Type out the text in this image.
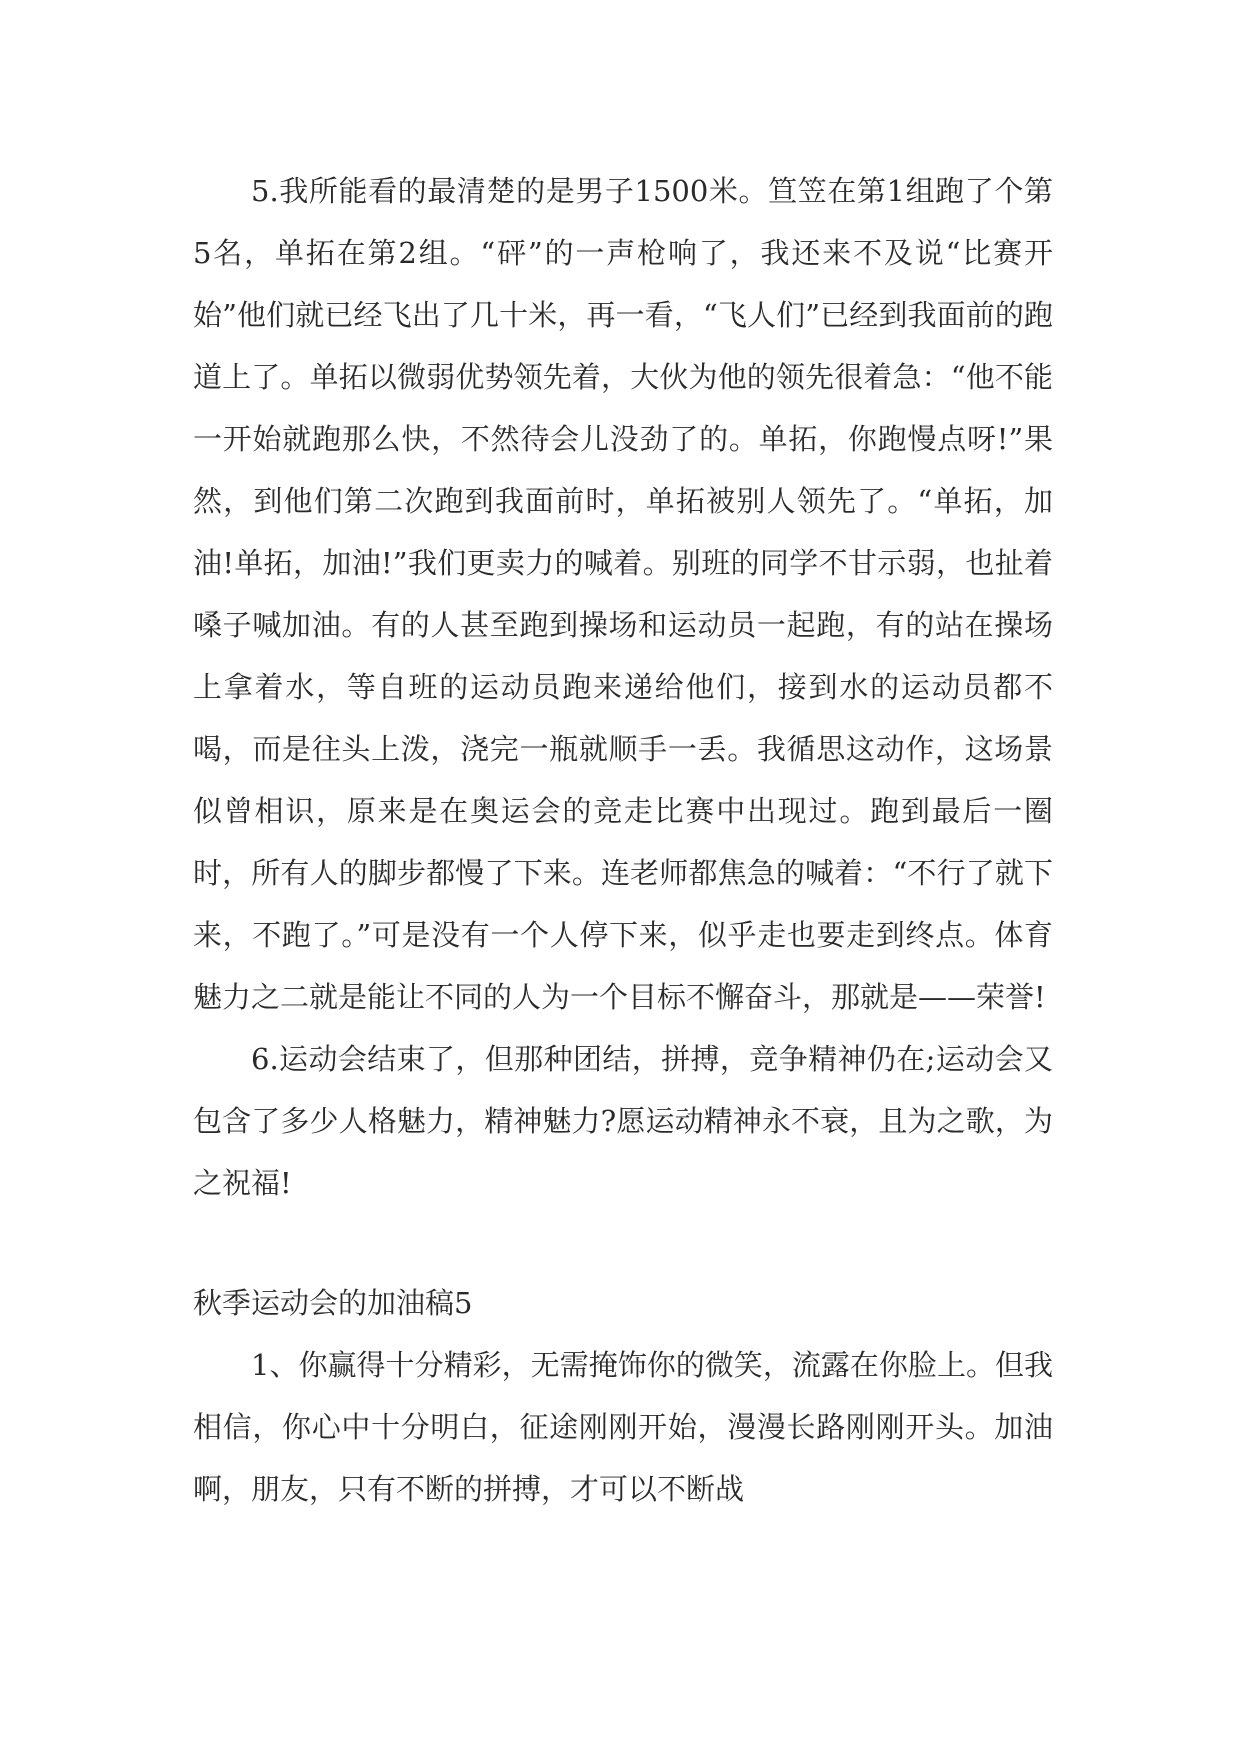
5.我所能看的最清楚的是男子1500米。笪笠在第1组跑了个第5名，单拓在第2组。“砰”的一声枪响了，我还来不及说“比赛开始”他们就已经飞出了几十米，再一看，“飞人们”已经到我面前的跑道上了。单拓以微弱优势领先着，大伙为他的领先很着急：“他不能一开始就跑那么快，不然待会儿没劲了的。单拓，你跑慢点呀!”果然，到他们第二次跑到我面前时，单拓被别人领先了。“单拓，加油!单拓，加油!”我们更卖力的喊着。别班的同学不甘示弱，也扯着嗓子喊加油。有的人甚至跑到操场和运动员一起跑，有的站在操场上拿着水，等自班的运动员跑来递给他们，接到水的运动员都不喝，而是往头上泼，浇完一瓶就顺手一丢。我循思这动作，这场景似曾相识，原来是在奥运会的竞走比赛中出现过。跑到最后一圈时，所有人的脚步都慢了下来。连老师都焦急的喊着：“不行了就下来，不跑了。”可是没有一个人停下来，似乎走也要走到终点。体育魅力之二就是能让不同的人为一个目标不懈奋斗，那就是——荣誉!

6.运动会结束了，但那种团结，拼搏，竞争精神仍在;运动会又包含了多少人格魅力，精神魅力?愿运动精神永不衰，且为之歌，为之祝福!

秋季运动会的加油稿5

1、你赢得十分精彩，无需掩饰你的微笑，流露在你脸上。但我相信，你心中十分明白，征途刚刚开始，漫漫长路刚刚开头。加油啊，朋友，只有不断的拼搏，才可以不断战
